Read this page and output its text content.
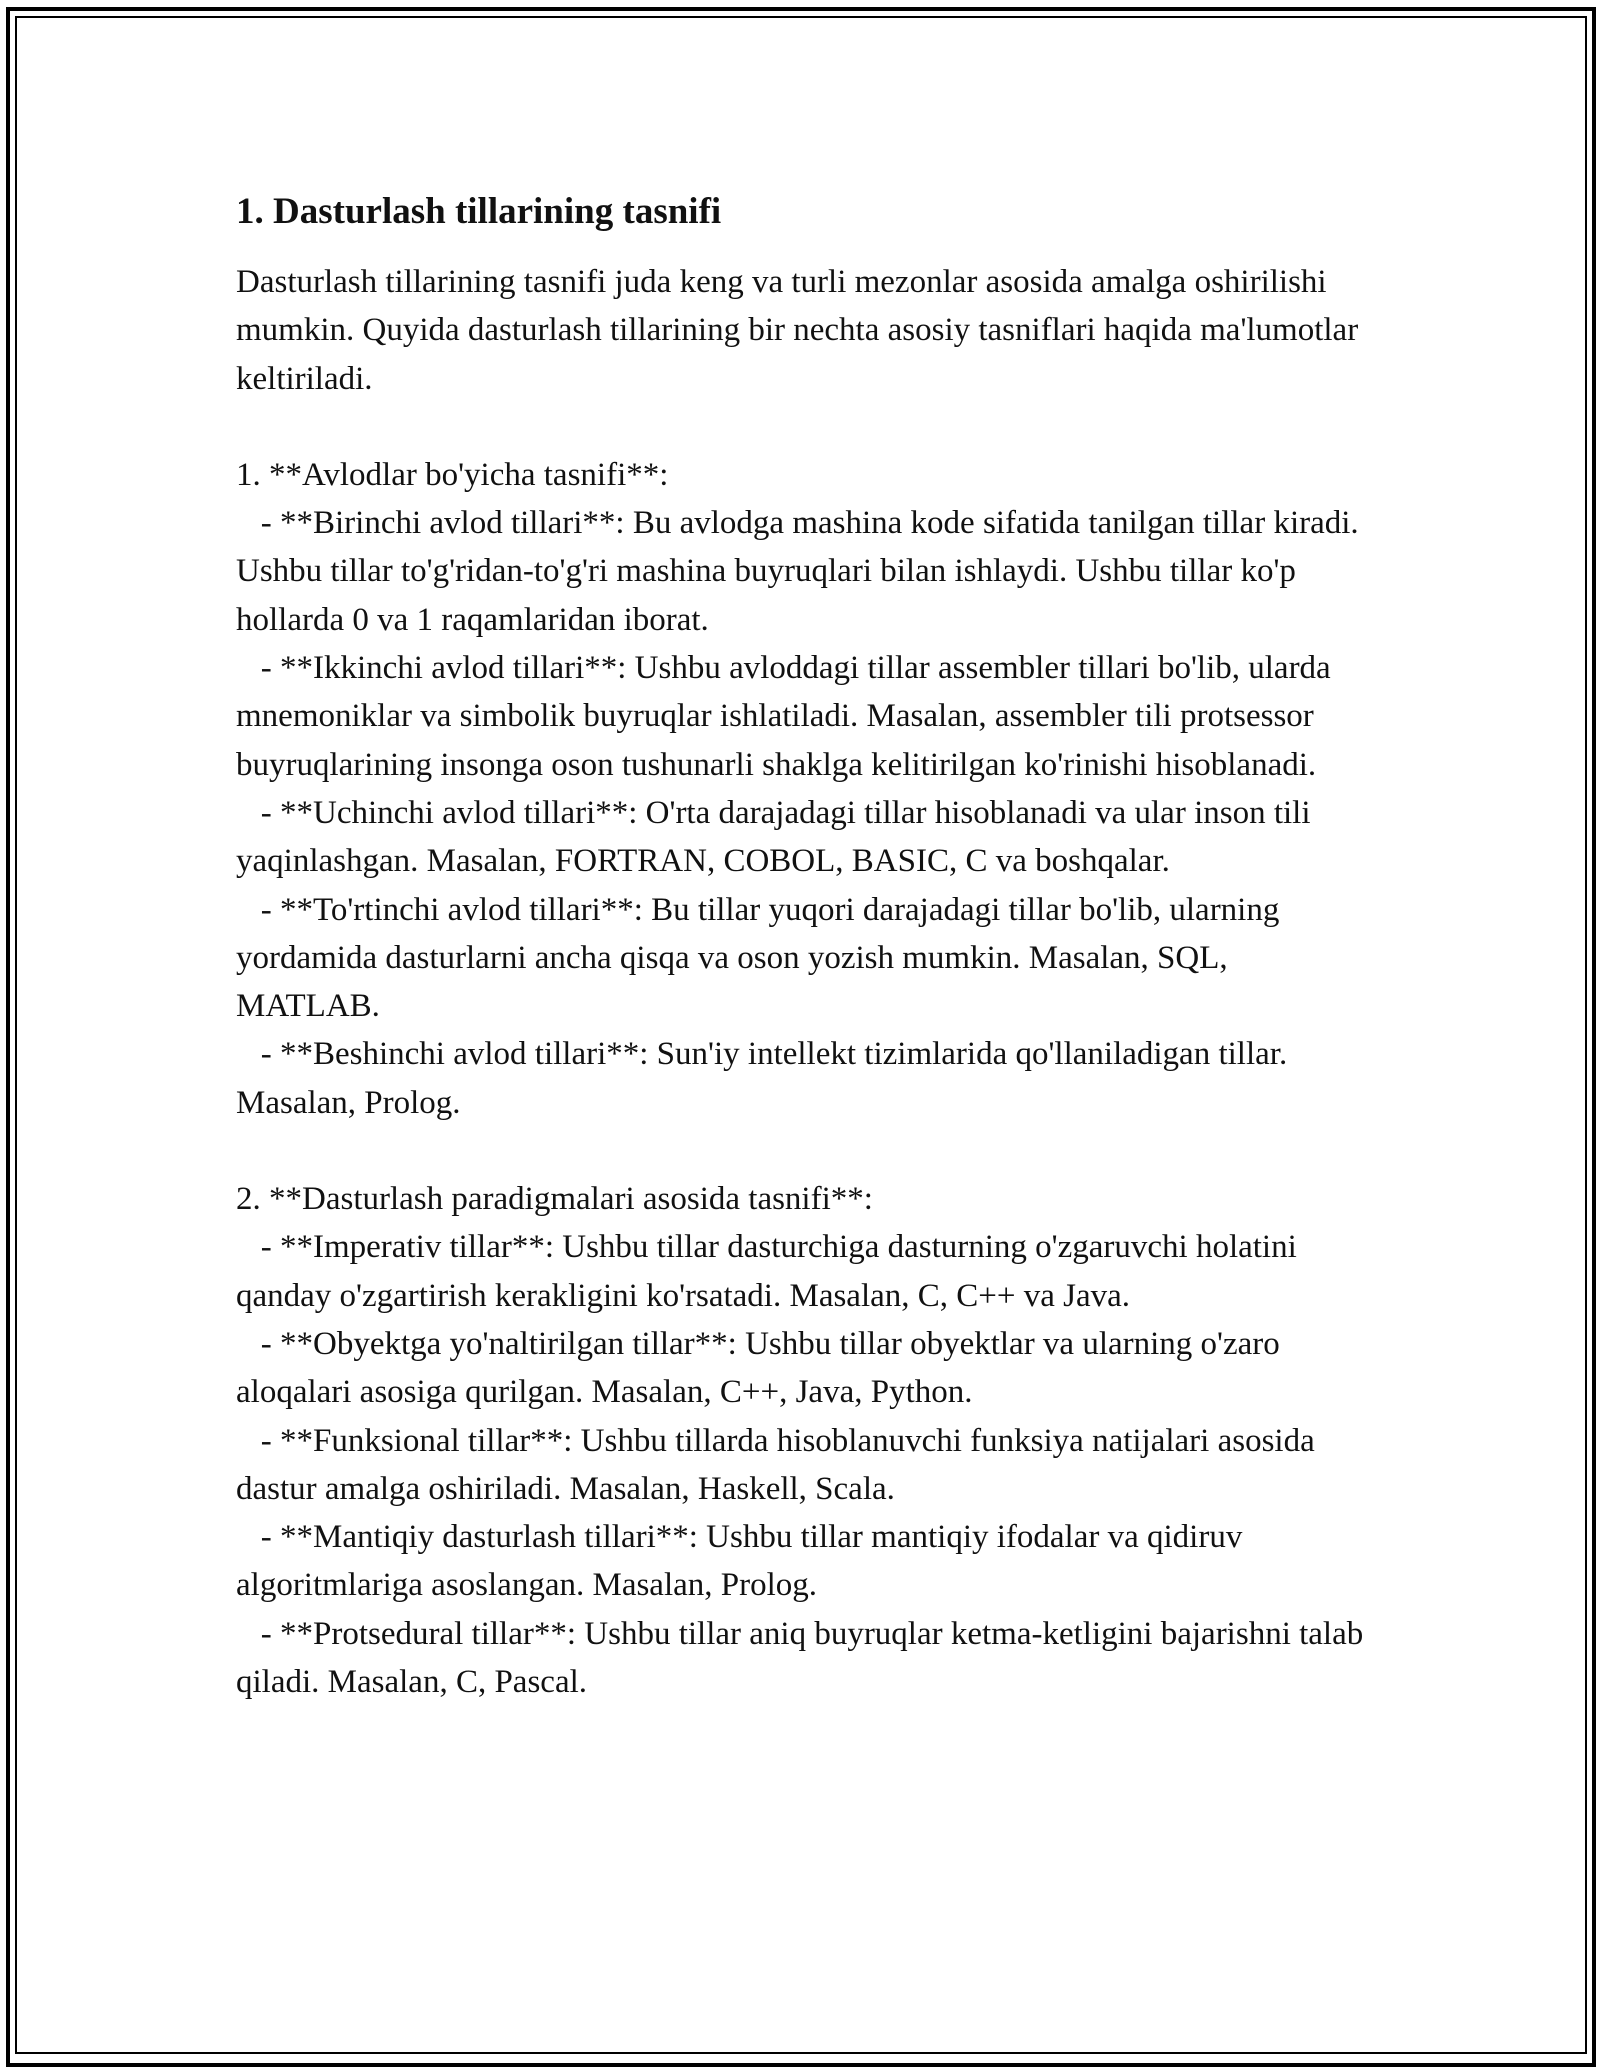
1. Dasturlash tillarining tasnifi

Dasturlash tillarining tasnifi juda keng va turli mezonlar asosida amalga oshirilishi mumkin. Quyida dasturlash tillarining bir nechta asosiy tasniflari haqida ma'lumotlar keltiriladi.

1. **Avlodlar bo'yicha tasnifi**:
- **Birinchi avlod tillari**: Bu avlodga mashina kode sifatida tanilgan tillar kiradi. Ushbu tillar to'g'ridan-to'g'ri mashina buyruqlari bilan ishlaydi. Ushbu tillar ko'p hollarda 0 va 1 raqamlaridan iborat.
- **Ikkinchi avlod tillari**: Ushbu avloddagi tillar assembler tillari bo'lib, ularda mnemoniklar va simbolik buyruqlar ishlatiladi. Masalan, assembler tili protsessor buyruqlarining insonga oson tushunarli shaklga kelitirilgan ko'rinishi hisoblanadi.
- **Uchinchi avlod tillari**: O'rta darajadagi tillar hisoblanadi va ular inson tili yaqinlashgan. Masalan, FORTRAN, COBOL, BASIC, C va boshqalar.
- **To'rtinchi avlod tillari**: Bu tillar yuqori darajadagi tillar bo'lib, ularning yordamida dasturlarni ancha qisqa va oson yozish mumkin. Masalan, SQL, MATLAB.
- **Beshinchi avlod tillari**: Sun'iy intellekt tizimlarida qo'llaniladigan tillar. Masalan, Prolog.
2. **Dasturlash paradigmalari asosida tasnifi**:
- **Imperativ tillar**: Ushbu tillar dasturchiga dasturning o'zgaruvchi holatini qanday o'zgartirish kerakligini ko'rsatadi. Masalan, C, C++ va Java.
- **Obyektga yo'naltirilgan tillar**: Ushbu tillar obyektlar va ularning o'zaro aloqalari asosiga qurilgan. Masalan, C++, Java, Python.
- **Funksional tillar**: Ushbu tillarda hisoblanuvchi funksiya natijalari asosida dastur amalga oshiriladi. Masalan, Haskell, Scala.
- **Mantiqiy dasturlash tillari**: Ushbu tillar mantiqiy ifodalar va qidiruv algoritmlariga asoslangan. Masalan, Prolog.
- **Protsedural tillar**: Ushbu tillar aniq buyruqlar ketma-ketligini bajarishni talab qiladi. Masalan, C, Pascal.
